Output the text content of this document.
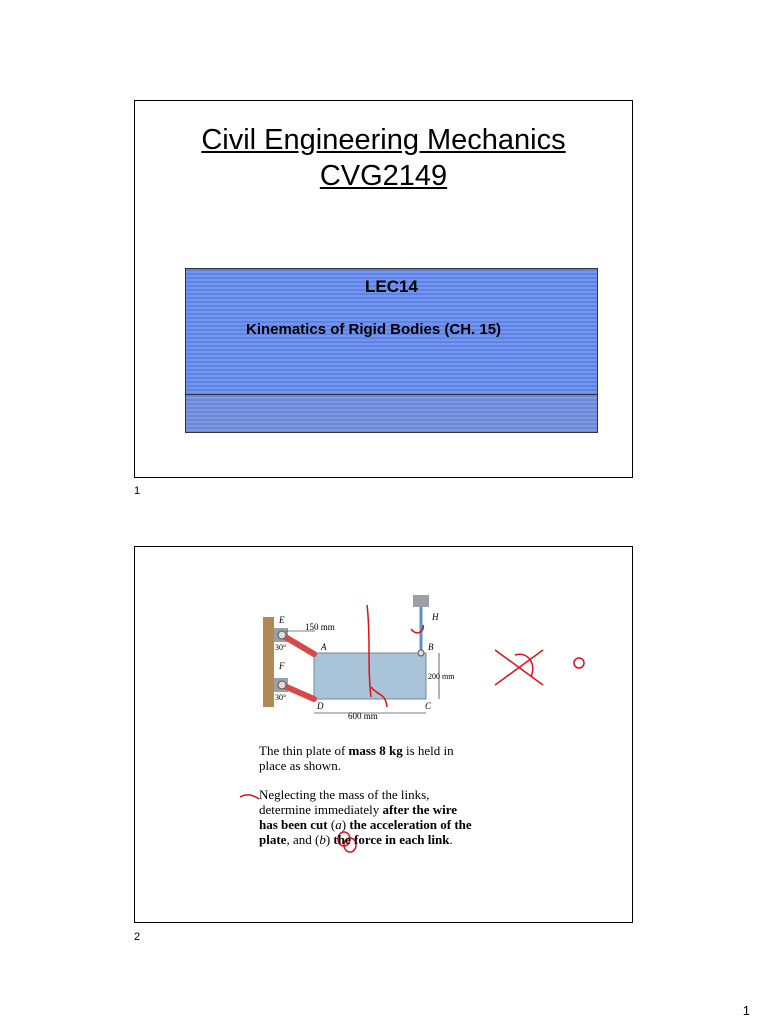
Civil Engineering Mechanics
CVG2149
LEC14
Kinematics of Rigid Bodies (CH. 15)
1
E
150 mm
30°	A
F
30°
D
B
200 mm
C
H
600 mm
The thin plate of mass 8 kg is held in place as shown.
Neglecting the mass of the links, determine immediately after the wire has been cut (a) the acceleration of the plate, and (b) the force in each link.
2
1
